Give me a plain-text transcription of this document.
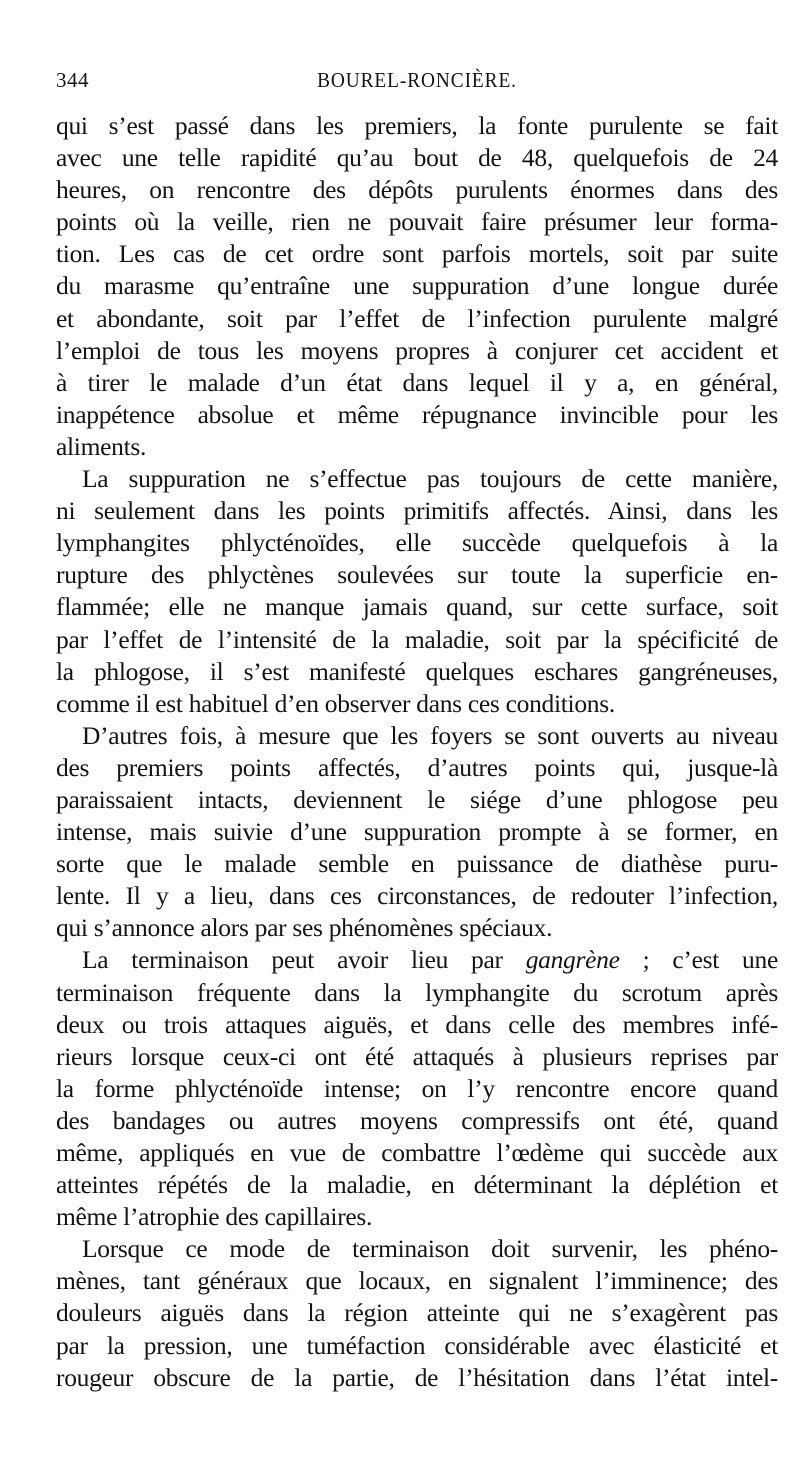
344	BOUREL-RONCIÈRE.
qui s’est passé dans les premiers, la fonte purulente se fait
avec une telle rapidité qu’au bout de 48, quelquefois de 24
heures, on rencontre des dépôts purulents énormes dans des
points où la veille, rien ne pouvait faire présumer leur forma-
tion. Les cas de cet ordre sont parfois mortels, soit par suite
du marasme qu’entraîne une suppuration d’une longue durée
et abondante, soit par l’effet de l’infection purulente malgré
l’emploi de tous les moyens propres à conjurer cet accident et
à tirer le malade d’un état dans lequel il y a, en général,
inappétence absolue et même répugnance invincible pour les
aliments.
La suppuration ne s’effectue pas toujours de cette manière,
ni seulement dans les points primitifs affectés. Ainsi, dans les
lymphangites phlycténoïdes, elle succède quelquefois à la
rupture des phlyctènes soulevées sur toute la superficie en-
flammée; elle ne manque jamais quand, sur cette surface, soit
par l’effet de l’intensité de la maladie, soit par la spécificité de
la phlogose, il s’est manifesté quelques eschares gangréneuses,
comme il est habituel d’en observer dans ces conditions.
D’autres fois, à mesure que les foyers se sont ouverts au niveau
des premiers points affectés, d’autres points qui, jusque-là
paraissaient intacts, deviennent le siége d’une phlogose peu
intense, mais suivie d’une suppuration prompte à se former, en
sorte que le malade semble en puissance de diathèse puru-
lente. Il y a lieu, dans ces circonstances, de redouter l’infection,
qui s’annonce alors par ses phénomènes spéciaux.
La terminaison peut avoir lieu par gangrène ; c’est une
terminaison fréquente dans la lymphangite du scrotum après
deux ou trois attaques aiguës, et dans celle des membres infé-
rieurs lorsque ceux-ci ont été attaqués à plusieurs reprises par
la forme phlycténoïde intense; on l’y rencontre encore quand
des bandages ou autres moyens compressifs ont été, quand
même, appliqués en vue de combattre l’œdème qui succède aux
atteintes répétés de la maladie, en déterminant la déplétion et
même l’atrophie des capillaires.
Lorsque ce mode de terminaison doit survenir, les phéno-
mènes, tant généraux que locaux, en signalent l’imminence; des
douleurs aiguës dans la région atteinte qui ne s’exagèrent pas
par la pression, une tuméfaction considérable avec élasticité et
rougeur obscure de la partie, de l’hésitation dans l’état intel-
